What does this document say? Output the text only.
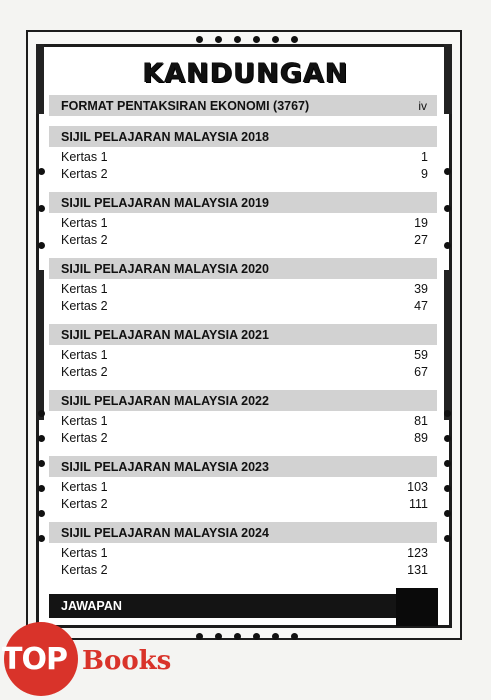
KANDUNGAN
FORMAT PENTAKSIRAN EKONOMI (3767)	iv
SIJIL PELAJARAN MALAYSIA 2018
Kertas 1	1
Kertas 2	9
SIJIL PELAJARAN MALAYSIA 2019
Kertas 1	19
Kertas 2	27
SIJIL PELAJARAN MALAYSIA 2020
Kertas 1	39
Kertas 2	47
SIJIL PELAJARAN MALAYSIA 2021
Kertas 1	59
Kertas 2	67
SIJIL PELAJARAN MALAYSIA 2022
Kertas 1	81
Kertas 2	89
SIJIL PELAJARAN MALAYSIA 2023
Kertas 1	103
Kertas 2	111
SIJIL PELAJARAN MALAYSIA 2024
Kertas 1	123
Kertas 2	131
JAWAPAN
TOP Books
